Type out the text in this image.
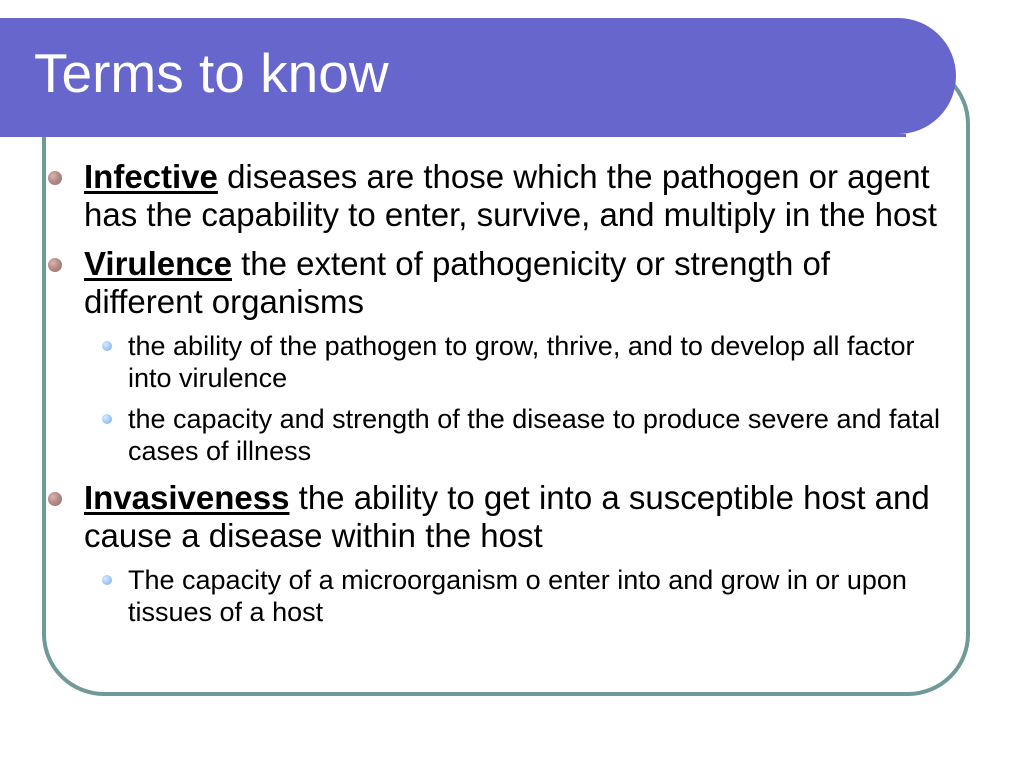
Terms to know
Infective diseases are those which the pathogen or agent has the capability to enter, survive, and multiply in the host
Virulence the extent of pathogenicity or strength of different organisms
the ability of the pathogen to grow, thrive, and to develop all factor into virulence
the capacity and strength of the disease to produce severe and fatal cases of illness
Invasiveness the ability to get into a susceptible host and cause a disease within the host
The capacity of a microorganism o enter into and grow in or upon tissues of a host
